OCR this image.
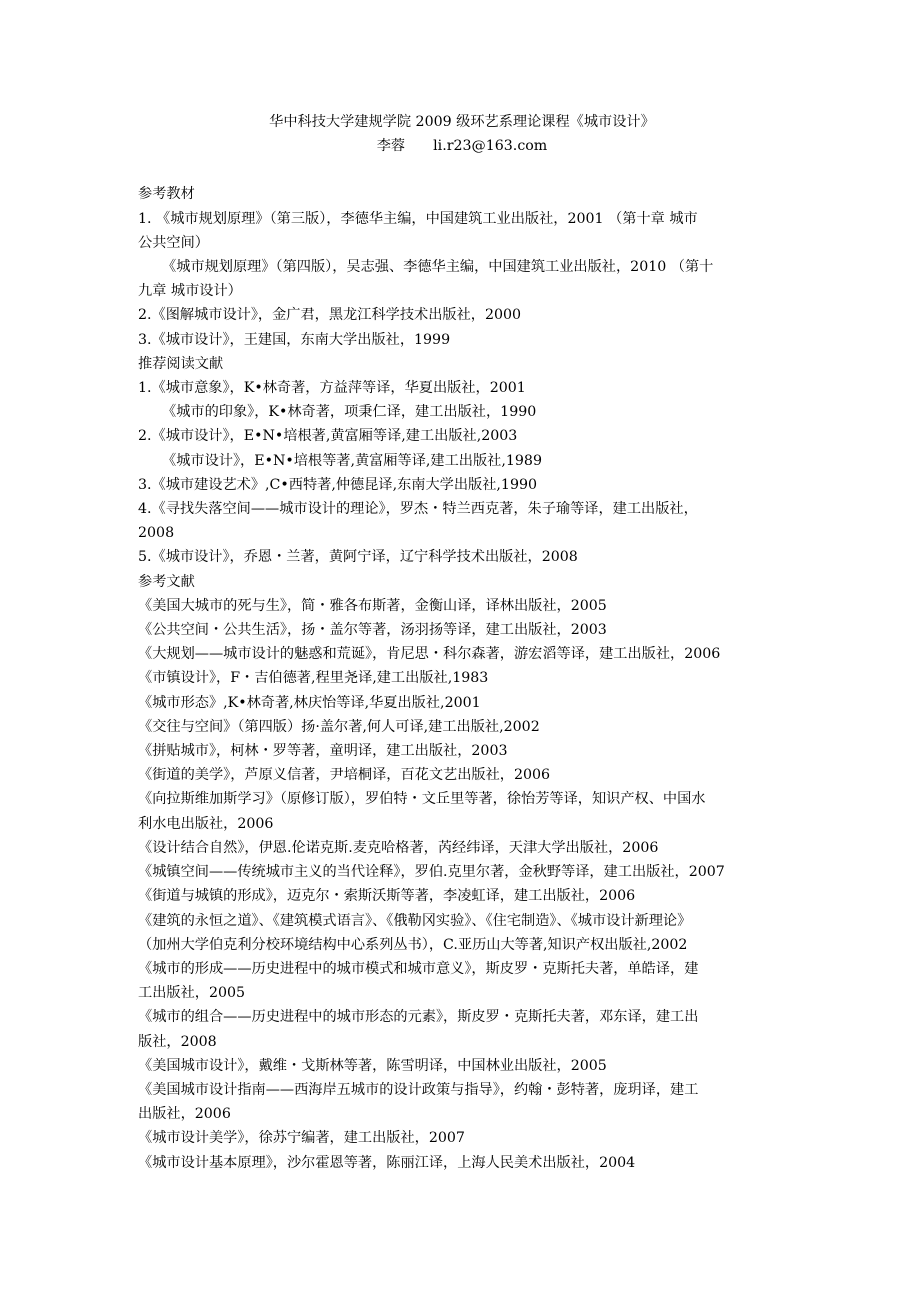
华中科技大学建规学院 2009 级环艺系理论课程《城市设计》

李蓉 li.r23@163.com

参考教材

1. 《城市规划原理》（第三版），李德华主编，中国建筑工业出版社，2001 （第十章 城市

公共空间）

《城市规划原理》（第四版），吴志强、李德华主编，中国建筑工业出版社，2010 （第十

九章 城市设计）

2.《图解城市设计》，金广君，黑龙江科学技术出版社，2000

3.《城市设计》，王建国，东南大学出版社，1999

推荐阅读文献

1.《城市意象》，K•林奇著，方益萍等译，华夏出版社，2001

《城市的印象》，K•林奇著，项秉仁译，建工出版社，1990

2.《城市设计》，E•N•培根著,黄富厢等译,建工出版社,2003

《城市设计》，E•N•培根等著,黄富厢等译,建工出版社,1989

3.《城市建设艺术》,C•西特著,仲德昆译,东南大学出版社,1990

4.《寻找失落空间——城市设计的理论》，罗杰・特兰西克著，朱子瑜等译，建工出版社，

2008

5.《城市设计》，乔恩・兰著，黄阿宁译，辽宁科学技术出版社，2008

参考文献

《美国大城市的死与生》，简・雅各布斯著，金衡山译，译林出版社，2005

《公共空间・公共生活》，扬・盖尔等著，汤羽扬等译，建工出版社，2003

《大规划——城市设计的魅惑和荒诞》，肯尼思・科尔森著，游宏滔等译，建工出版社，2006

《市镇设计》，F・吉伯德著,程里尧译,建工出版社,1983

《城市形态》,K•林奇著,林庆怡等译,华夏出版社,2001

《交往与空间》（第四版）扬·盖尔著,何人可译,建工出版社,2002

《拼贴城市》，柯林・罗等著，童明译，建工出版社，2003

《街道的美学》，芦原义信著，尹培桐译，百花文艺出版社，2006

《向拉斯维加斯学习》（原修订版），罗伯特・文丘里等著，徐怡芳等译，知识产权、中国水

利水电出版社，2006

《设计结合自然》，伊恩.伦诺克斯.麦克哈格著，芮经纬译，天津大学出版社，2006

《城镇空间——传统城市主义的当代诠释》，罗伯.克里尔著，金秋野等译，建工出版社，2007

《街道与城镇的形成》，迈克尔・索斯沃斯等著，李凌虹译，建工出版社，2006

《建筑的永恒之道》、《建筑模式语言》、《俄勒冈实验》、《住宅制造》、《城市设计新理论》

（加州大学伯克利分校环境结构中心系列丛书），C.亚历山大等著,知识产权出版社,2002

《城市的形成——历史进程中的城市模式和城市意义》，斯皮罗・克斯托夫著，单皓译，建

工出版社，2005

《城市的组合——历史进程中的城市形态的元素》，斯皮罗・克斯托夫著，邓东译，建工出

版社，2008

《美国城市设计》，戴维・戈斯林等著，陈雪明译，中国林业出版社，2005

《美国城市设计指南——西海岸五城市的设计政策与指导》，约翰・彭特著，庞玥译，建工

出版社，2006

《城市设计美学》，徐苏宁编著，建工出版社，2007

《城市设计基本原理》，沙尔霍恩等著，陈丽江译，上海人民美术出版社，2004
